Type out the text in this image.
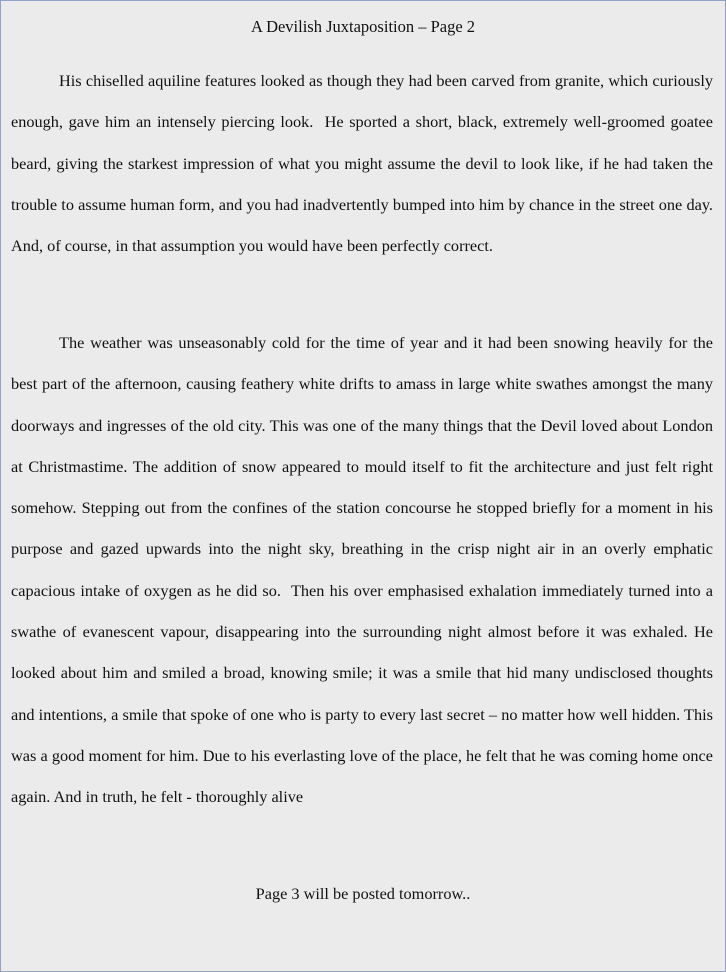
A Devilish Juxtaposition – Page 2

His chiselled aquiline features looked as though they had been carved from granite, which curiously enough, gave him an intensely piercing look.  He sported a short, black, extremely well-groomed goatee beard, giving the starkest impression of what you might assume the devil to look like, if he had taken the trouble to assume human form, and you had inadvertently bumped into him by chance in the street one day. And, of course, in that assumption you would have been perfectly correct.

The weather was unseasonably cold for the time of year and it had been snowing heavily for the best part of the afternoon, causing feathery white drifts to amass in large white swathes amongst the many doorways and ingresses of the old city. This was one of the many things that the Devil loved about London at Christmastime. The addition of snow appeared to mould itself to fit the architecture and just felt right somehow. Stepping out from the confines of the station concourse he stopped briefly for a moment in his purpose and gazed upwards into the night sky, breathing in the crisp night air in an overly emphatic capacious intake of oxygen as he did so.  Then his over emphasised exhalation immediately turned into a swathe of evanescent vapour, disappearing into the surrounding night almost before it was exhaled. He looked about him and smiled a broad, knowing smile; it was a smile that hid many undisclosed thoughts and intentions, a smile that spoke of one who is party to every last secret – no matter how well hidden. This was a good moment for him. Due to his everlasting love of the place, he felt that he was coming home once again. And in truth, he felt - thoroughly alive

Page 3 will be posted tomorrow..
